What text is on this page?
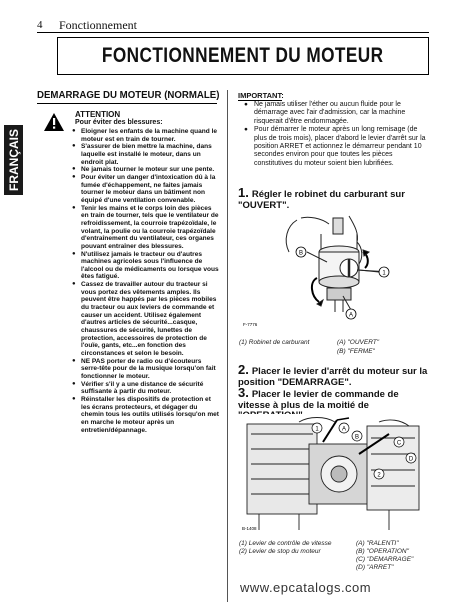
4 Fonctionnement
FONCTIONNEMENT DU MOTEUR
FRANÇAIS
DEMARRAGE DU MOTEUR (NORMALE)
ATTENTION
Pour éviter des blessures:
● Eloigner les enfants de la machine quand le moteur est en train de tourner.
● S'assurer de bien mettre la machine, dans laquelle est installé le moteur, dans un endroit plat.
● Ne jamais tourner le moteur sur une pente.
● Pour éviter un danger d'intoxication dû à la fumée d'échappement, ne faites jamais tourner le moteur dans un bâtiment non équipé d'une ventilation convenable.
● Tenir les mains et le corps loin des pièces en train de tourner, tels que le ventilateur de refroidissement, la courroie trapézoïdale, le volant, la poulie ou la courroie trapézoïdale d'entraînement du ventilateur, ces organes pouvant entraîner des blessures.
● N'utilisez jamais le tracteur ou d'autres machines agricoles sous l'influence de l'alcool ou de médicaments ou lorsque vous êtes fatigué.
● Cassez de travailler autour du tracteur si vous portez des vêtements amples. Ils peuvent être happés par les pièces mobiles du tracteur ou aux leviers de commande et causer un accident. Utilisez également d'autres articles de sécurité...casque, chaussures de sécurité, lunettes de protection, accessoires de protection de l'ouïe, gants, etc...en fonction des circonstances et selon le besoin.
● NE PAS porter de radio ou d'écouteurs serre-tête pour de la musique lorsqu'on fait fonctionner le moteur.
● Vérifier s'il y a une distance de sécurité suffisante à partir du moteur.
● Réinstaller les dispositifs de protection et les écrans protecteurs, et dégager du chemin tous les outils utilisés lorsqu'on met en marche le moteur après un entretien/dépannage.
IMPORTANT:
● Ne jamais utiliser l'éther ou aucun fluide pour le démarrage avec l'air d'admission, car la machine risquerait d'être endommagée.
● Pour démarrer le moteur après un long remisage (de plus de trois mois), placer d'abord le levier d'arrêt sur la position ARRET et actionnez le démarreur pendant 10 secondes environ pour que toutes les pièces constitutives du moteur soient bien lubrifiées.
1. Régler le robinet du carburant sur "OUVERT".
B
1
A
F-7776
(1) Robinet de carburant	(A) "OUVERT"
(B) "FERME"
2. Placer le levier d'arrêt du moteur sur la position "DEMARRAGE".
3. Placer le levier de commande de vitesse à plus de la moitié de
A
B
C
D
1
2
B-1408
(1) Levier de contrôle de vitesse
(2) Levier de stop du moteur
(A) "RALENTI"
(B) "OPERATION"
(C) "DEMARRAGE"
(D) "ARRET"
www.epcatalogs.com
